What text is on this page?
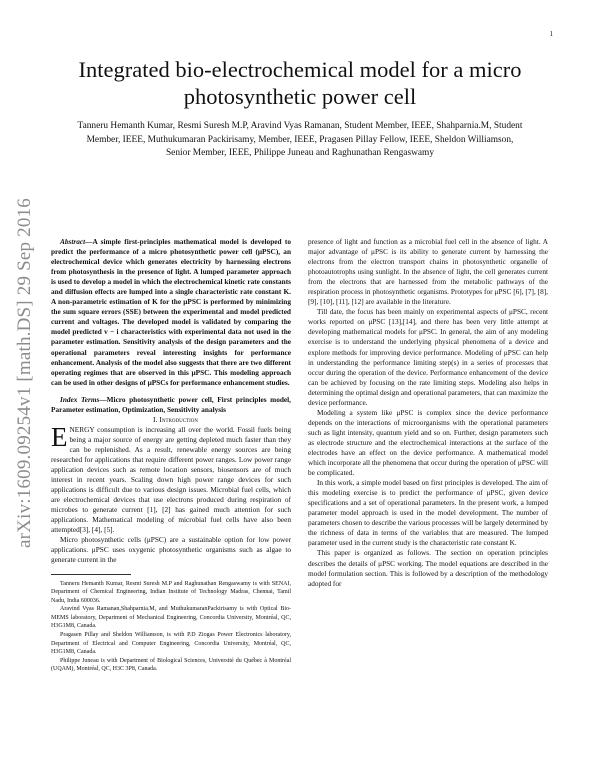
1
arXiv:1609.09254v1 [math.DS] 29 Sep 2016
Integrated bio-electrochemical model for a micro photosynthetic power cell
Tanneru Hemanth Kumar, Resmi Suresh M.P, Aravind Vyas Ramanan, Student Member, IEEE, Shahparnia.M, Student Member, IEEE, Muthukumaran Packirisamy, Member, IEEE, Pragasen Pillay Fellow, IEEE, Sheldon Williamson, Senior Member, IEEE, Philippe Juneau and Raghunathan Rengaswamy

Abstract—A simple first-principles mathematical model is developed to predict the performance of a micro photosynthetic power cell (μPSC), an electrochemical device which generates electricity by harnessing electrons from photosynthesis in the presence of light. A lumped parameter approach is used to develop a model in which the electrochemical kinetic rate constants and diffusion effects are lumped into a single characteristic rate constant K. A non-parametric estimation of K for the μPSC is performed by minimizing the sum square errors (SSE) between the experimental and model predicted current and voltages. The developed model is validated by comparing the model predicted v − i characteristics with experimental data not used in the parameter estimation. Sensitivity analysis of the design parameters and the operational parameters reveal interesting insights for performance enhancement. Analysis of the model also suggests that there are two different operating regimes that are observed in this μPSC. This modeling approach can be used in other designs of μPSCs for performance enhancement studies.

Index Terms—Micro photosynthetic power cell, First principles model, Parameter estimation, Optimization, Sensitivity analysis

I. Introduction

ENERGY consumption is increasing all over the world. Fossil fuels being being a major source of energy are getting depleted much faster than they can be replenished. As a result, renewable energy sources are being researched for applications that require different power ranges. Low power range application devices such as remote location sensors, biosensors are of much interest in recent years. Scaling down high power range devices for such applications is difficult due to various design issues. Microbial fuel cells, which are electrochemical devices that use electrons produced during respiration of microbes to generate current [1], [2] has gained much attention for such applications. Mathematical modeling of microbial fuel cells have also been attempted[3], [4], [5].

Micro photosynthetic cells (μPSC) are a sustainable option for low power applications. μPSC uses oxygenic photosynthetic organisms such as algae to generate current in the

Tanneru Hemanth Kumar, Resmi Suresh M.P and Raghunathan Rengaswamy is with SENAI, Department of Chemical Engineering, Indian Institute of Technology Madras, Chennai, Tamil Nadu, India 600036.

Aravind Vyas Ramanan,Shahparnia.M, and MuthukumaranPackirisamy is with Optical Bio-MEMS laboratory, Department of Mechanical Engineering, Concordia University, Montréal, QC, H3G1M8, Canada.

Pragasen Pillay and Sheldon Williamson, is with P.D Ziogas Power Electronics laboratory, Department of Electrical and Computer Engineering, Concordia University, Montréal, QC, H3G1M8, Canada.

Philippe Juneau is with Department of Biological Sciences, Université du Québec à Montréal (UQAM), Montréal, QC, H3C 3P8, Canada.

presence of light and function as a microbial fuel cell in the absence of light. A major advantage of μPSC is its ability to generate current by harnessing the electrons from the electron transport chains in photosynthetic organelle of photoautotrophs using sunlight. In the absence of light, the cell generates current from the electrons that are harnessed from the metabolic pathways of the respiration process in photosynthetic organisms. Prototypes for μPSC [6], [7], [8], [9], [10], [11], [12] are available in the literature.

Till date, the focus has been mainly on experimental aspects of μPSC, recent works reported on μPSC [13],[14], and there has been very little attempt at developing mathematical models for μPSC. In general, the aim of any modeling exercise is to understand the underlying physical phenomena of a device and explore methods for improving device performance. Modeling of μPSC can help in understanding the performance limiting step(s) in a series of processes that occur during the operation of the device. Performance enhancement of the device can be achieved by focusing on the rate limiting steps. Modeling also helps in determining the optimal design and operational parameters, that can maximize the device performance.

Modeling a system like μPSC is complex since the device performance depends on the interactions of microorganisms with the operational parameters such as light intensity, quantum yield and so on. Further, design parameters such as electrode structure and the electrochemical interactions at the surface of the electrodes have an effect on the device performance. A mathematical model which incorporate all the phenomena that occur during the operation of μPSC will be complicated.

In this work, a simple model based on first principles is developed. The aim of this modeling exercise is to predict the performance of μPSC, given device specifications and a set of operational parameters. In the present work, a lumped parameter model approach is used in the model development. The number of parameters chosen to describe the various processes will be largely determined by the richness of data in terms of the variables that are measured. The lumped parameter used in the current study is the characteristic rate constant K.

This paper is organized as follows. The section on operation principles describes the details of μPSC working. The model equations are described in the model formulation section. This is followed by a description of the methodology adopted for
